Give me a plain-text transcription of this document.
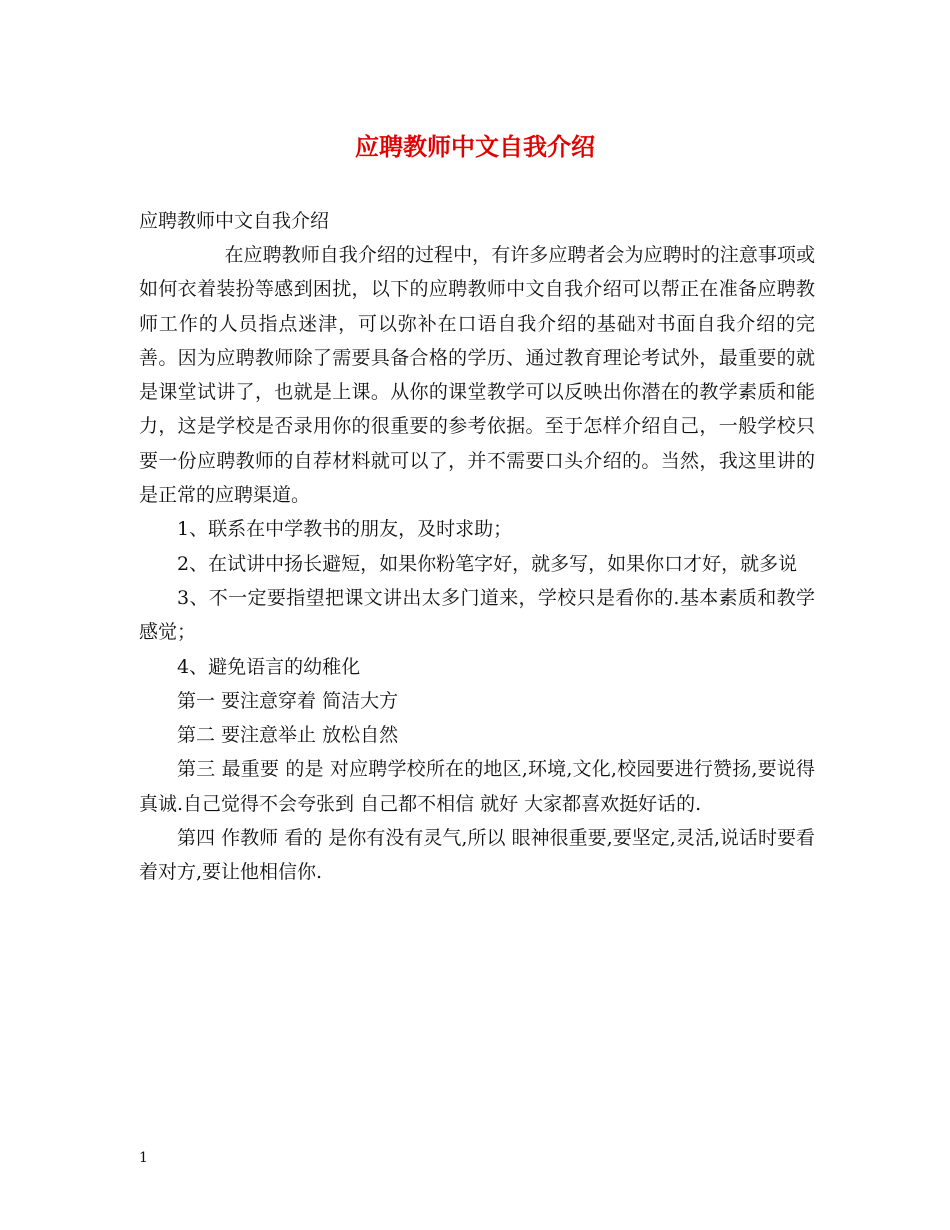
应聘教师中文自我介绍
应聘教师中文自我介绍

在应聘教师自我介绍的过程中，有许多应聘者会为应聘时的注意事项或如何衣着装扮等感到困扰，以下的应聘教师中文自我介绍可以帮正在准备应聘教师工作的人员指点迷津，可以弥补在口语自我介绍的基础对书面自我介绍的完善。因为应聘教师除了需要具备合格的学历、通过教育理论考试外，最重要的就是课堂试讲了，也就是上课。从你的课堂教学可以反映出你潜在的教学素质和能力，这是学校是否录用你的很重要的参考依据。至于怎样介绍自己，一般学校只要一份应聘教师的自荐材料就可以了，并不需要口头介绍的。当然，我这里讲的是正常的应聘渠道。

1、联系在中学教书的朋友，及时求助；

2、在试讲中扬长避短，如果你粉笔字好，就多写，如果你口才好，就多说

3、不一定要指望把课文讲出太多门道来，学校只是看你的.基本素质和教学感觉；

4、避免语言的幼稚化

第一 要注意穿着 简洁大方

第二 要注意举止 放松自然

第三 最重要 的是 对应聘学校所在的地区,环境,文化,校园要进行赞扬,要说得真诚.自己觉得不会夸张到 自己都不相信 就好 大家都喜欢挺好话的.

第四 作教师 看的 是你有没有灵气,所以 眼神很重要,要坚定,灵活,说话时要看着对方,要让他相信你.

1
